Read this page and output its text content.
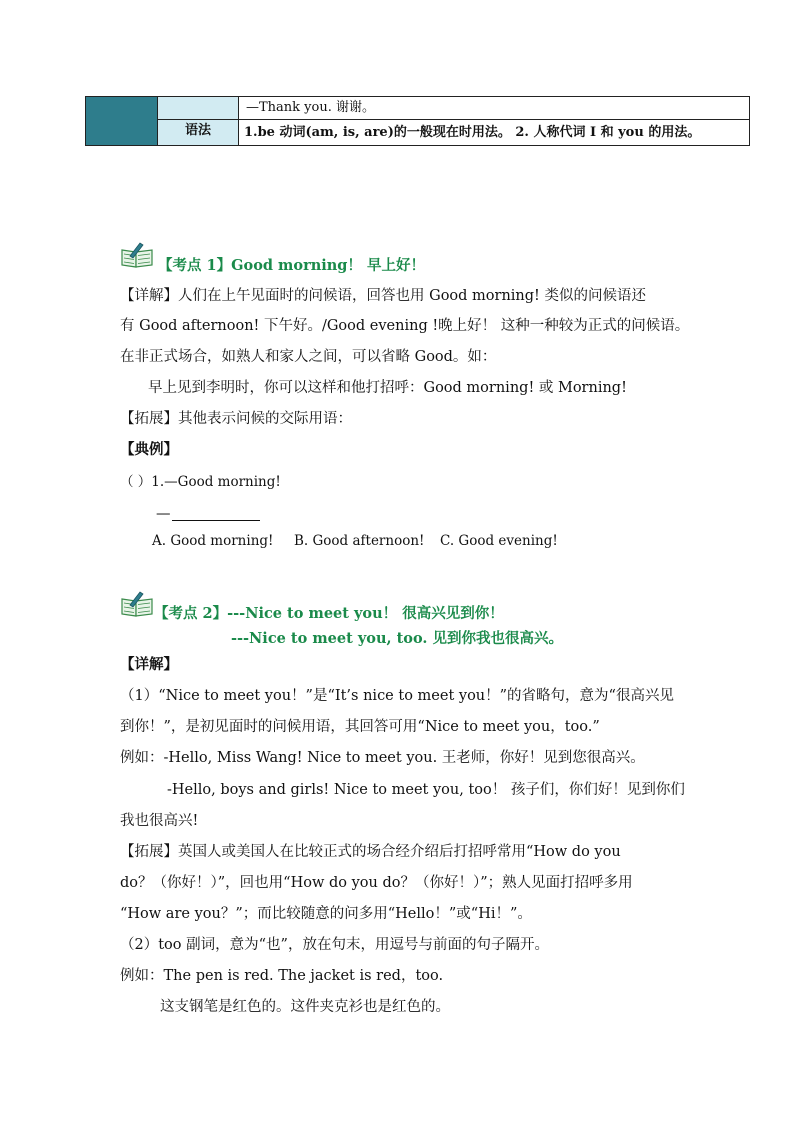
—Thank you. 谢谢。
语法	1.be 动词(am, is, are)的一般现在时用法。 2. 人称代词 I 和 you 的用法。
【考点 1】Good morning！ 早上好！
【详解】人们在上午见面时的问候语，回答也用 Good morning! 类似的问候语还
有 Good afternoon! 下午好。/Good evening !晚上好！ 这种一种较为正式的问候语。
在非正式场合，如熟人和家人之间，可以省略 Good。如：
早上见到李明时，你可以这样和他打招呼：Good morning! 或 Morning!
【拓展】其他表示问候的交际用语：
【典例】
（ ）1.—Good morning!
—
A. Good morning! B. Good afternoon! C. Good evening!
【考点 2】---Nice to meet you！ 很高兴见到你！
---Nice to meet you, too. 见到你我也很高兴。
【详解】
（1）“Nice to meet you！”是“It’s nice to meet you！”的省略句，意为“很高兴见
到你！”，是初见面时的问候用语，其回答可用“Nice to meet you，too.”
例如：-Hello, Miss Wang! Nice to meet you. 王老师，你好！见到您很高兴。
-Hello, boys and girls! Nice to meet you, too！ 孩子们，你们好！见到你们
我也很高兴!
【拓展】英国人或美国人在比较正式的场合经介绍后打招呼常用“How do you
do？（你好！）”，回也用“How do you do？（你好！）”；熟人见面打招呼多用
“How are you？”；而比较随意的问多用“Hello！”或“Hi！”。
（2）too 副词，意为“也”，放在句末，用逗号与前面的句子隔开。
例如：The pen is red. The jacket is red，too.
这支钢笔是红色的。这件夹克衫也是红色的。
